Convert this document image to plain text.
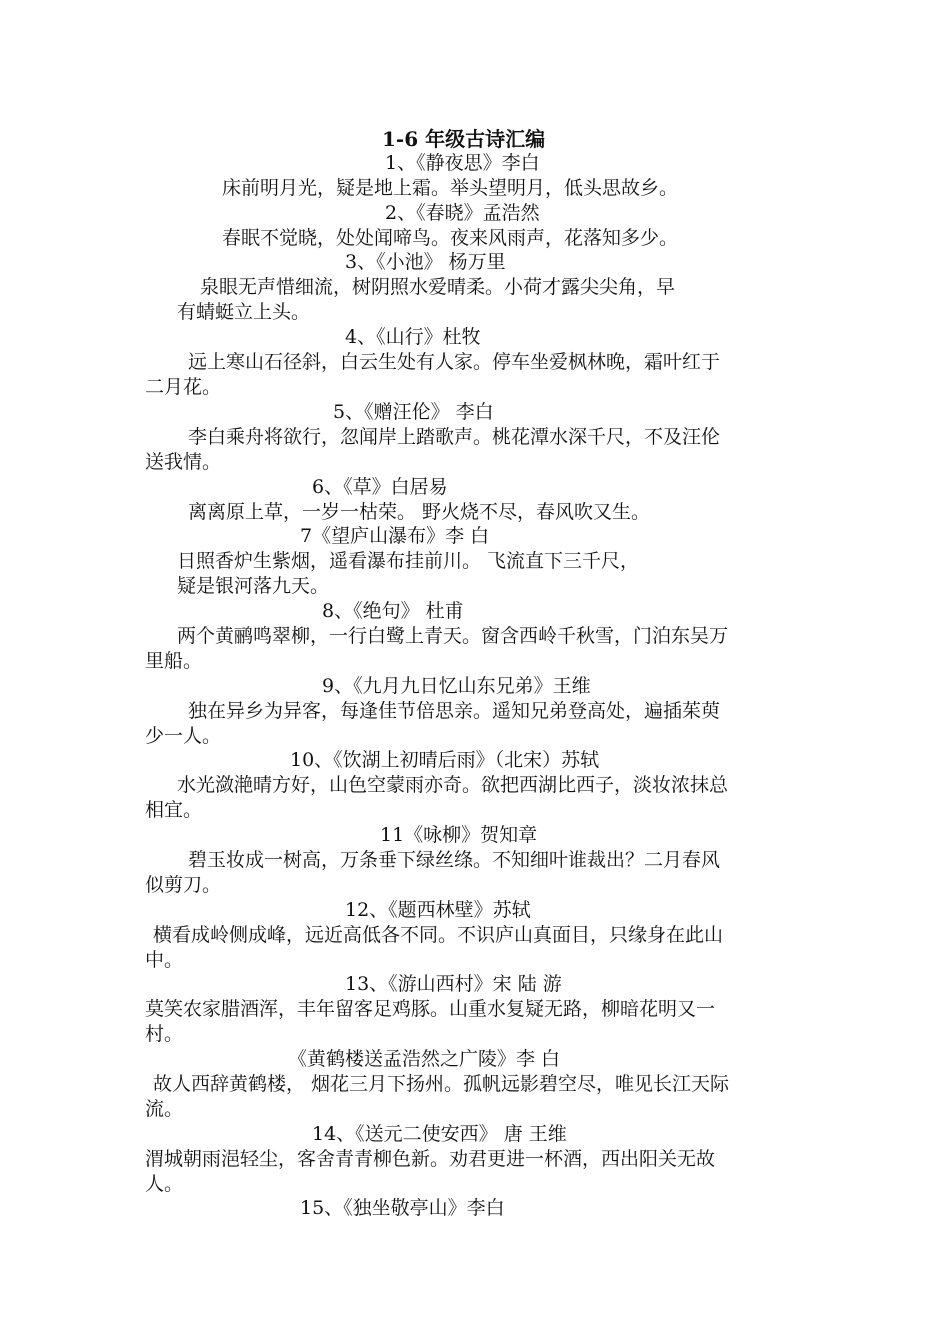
1-6 年级古诗汇编
1、《静夜思》李白
床前明月光，疑是地上霜。举头望明月，低头思故乡。
2、《春晓》孟浩然
春眠不觉晓，处处闻啼鸟。夜来风雨声，花落知多少。
3、《小池》 杨万里
泉眼无声惜细流，树阴照水爱晴柔。小荷才露尖尖角，早
有蜻蜓立上头。
4、《山行》杜牧
远上寒山石径斜，白云生处有人家。停车坐爱枫林晚，霜叶红于
二月花。
5、《赠汪伦》 李白
李白乘舟将欲行，忽闻岸上踏歌声。桃花潭水深千尺，不及汪伦
送我情。
6、《草》白居易
离离原上草，一岁一枯荣。 野火烧不尽，春风吹又生。
7《望庐山瀑布》李 白
日照香炉生紫烟，遥看瀑布挂前川。 飞流直下三千尺，
疑是银河落九天。
8、《绝句》 杜甫
两个黄鹂鸣翠柳，一行白鹭上青天。窗含西岭千秋雪，门泊东吴万
里船。
9、《九月九日忆山东兄弟》王维
独在异乡为异客，每逢佳节倍思亲。遥知兄弟登高处，遍插茱萸
少一人。
10、《饮湖上初晴后雨》（北宋）苏轼
水光潋滟晴方好，山色空蒙雨亦奇。欲把西湖比西子，淡妆浓抹总
相宜。
11《咏柳》贺知章
碧玉妆成一树高，万条垂下绿丝绦。不知细叶谁裁出？二月春风
似剪刀。
12、《题西林壁》苏轼
横看成岭侧成峰，远近高低各不同。不识庐山真面目，只缘身在此山
中。
13、《游山西村》宋 陆 游
莫笑农家腊酒浑，丰年留客足鸡豚。山重水复疑无路，柳暗花明又一
村。
《黄鹤楼送孟浩然之广陵》李 白
故人西辞黄鹤楼， 烟花三月下扬州。孤帆远影碧空尽，唯见长江天际
流。
14、《送元二使安西》 唐 王维
渭城朝雨浥轻尘，客舍青青柳色新。劝君更进一杯酒，西出阳关无故
人。
15、《独坐敬亭山》李白
